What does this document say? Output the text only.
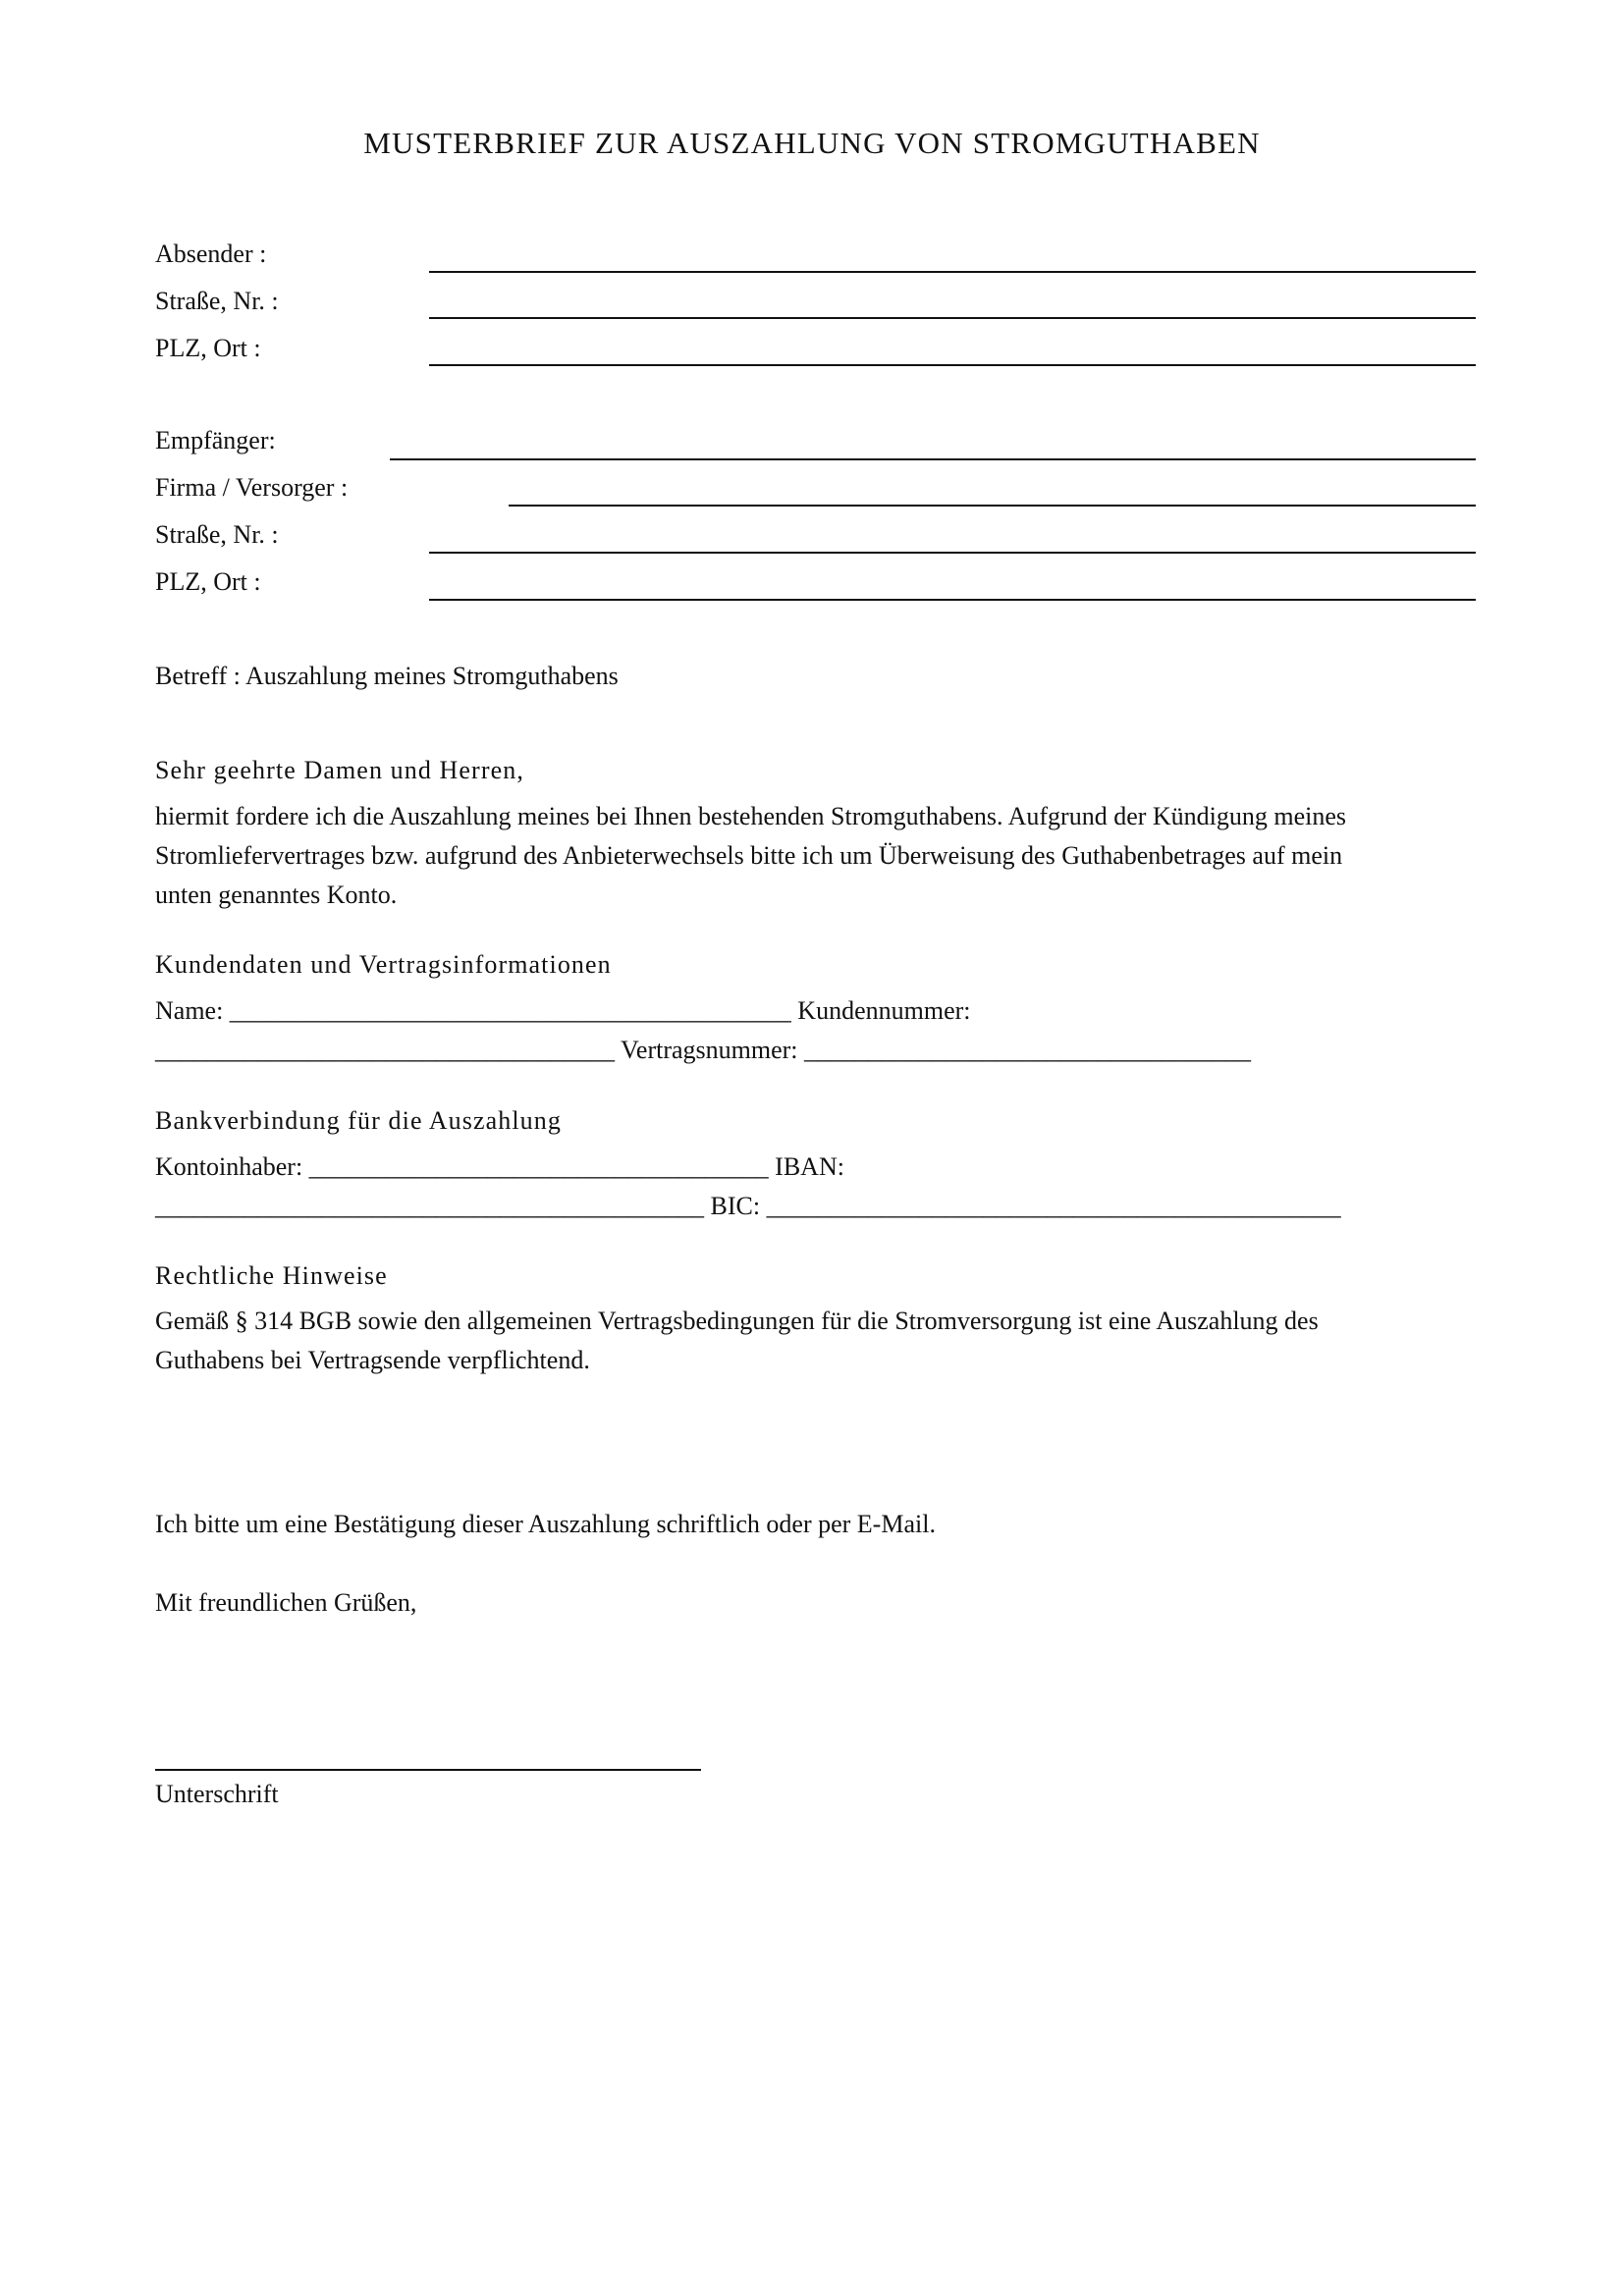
MUSTERBRIEF ZUR AUSZAHLUNG VON STROMGUTHABEN
Absender :
Straße, Nr. :
PLZ, Ort :
Empfänger:
Firma / Versorger :
Straße, Nr. :
PLZ, Ort :
Betreff : Auszahlung meines Stromguthabens
Sehr geehrte Damen und Herren,
hiermit fordere ich die Auszahlung meines bei Ihnen bestehenden Stromguthabens. Aufgrund der Kündigung meines
Stromliefervertrages bzw. aufgrund des Anbieterwechsels bitte ich um Überweisung des Guthabenbetrages auf mein
unten genanntes Konto.
Kundendaten und Vertragsinformationen
Name: ____________________________________________ Kundennummer:
____________________________________ Vertragsnummer: ___________________________________
Bankverbindung für die Auszahlung
Kontoinhaber: ____________________________________ IBAN:
___________________________________________ BIC: _____________________________________________
Rechtliche Hinweise
Gemäß § 314 BGB sowie den allgemeinen Vertragsbedingungen für die Stromversorgung ist eine Auszahlung des
Guthabens bei Vertragsende verpflichtend.
Ich bitte um eine Bestätigung dieser Auszahlung schriftlich oder per E-Mail.
Mit freundlichen Grüßen,
Unterschrift
